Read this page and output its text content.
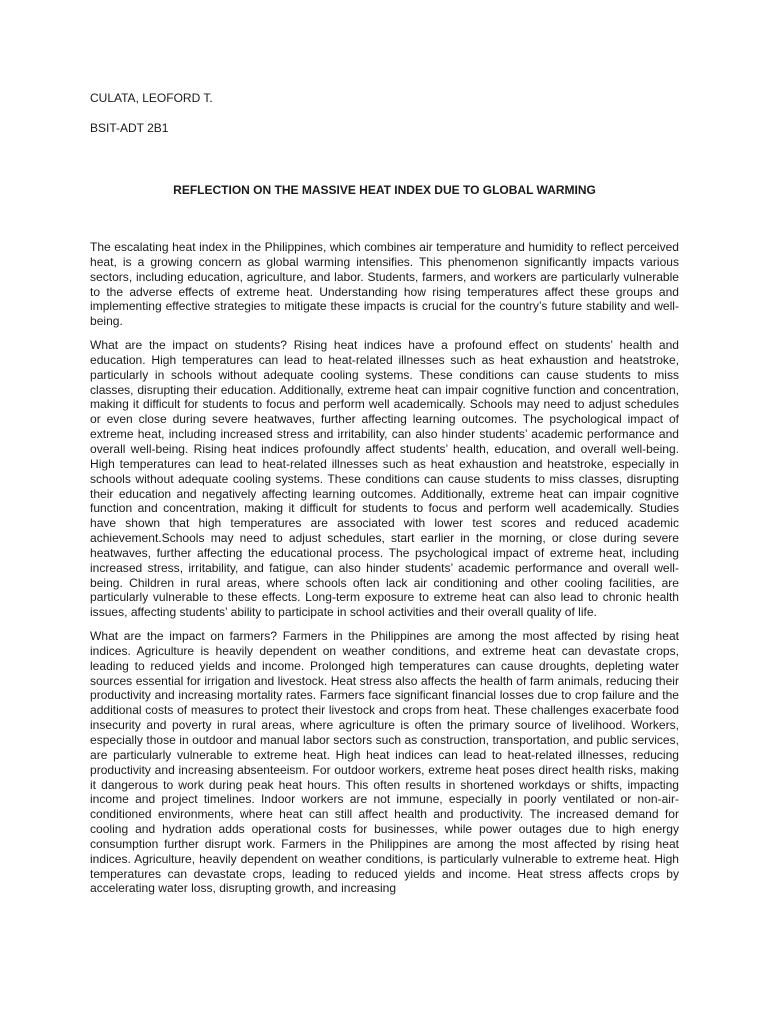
CULATA, LEOFORD T.

BSIT-ADT 2B1

REFLECTION ON THE MASSIVE HEAT INDEX DUE TO GLOBAL WARMING

The escalating heat index in the Philippines, which combines air temperature and humidity to reflect perceived heat, is a growing concern as global warming intensifies. This phenomenon significantly impacts various sectors, including education, agriculture, and labor. Students, farmers, and workers are particularly vulnerable to the adverse effects of extreme heat. Understanding how rising temperatures affect these groups and implementing effective strategies to mitigate these impacts is crucial for the country’s future stability and well-being.

What are the impact on students? Rising heat indices have a profound effect on students’ health and education. High temperatures can lead to heat-related illnesses such as heat exhaustion and heatstroke, particularly in schools without adequate cooling systems. These conditions can cause students to miss classes, disrupting their education. Additionally, extreme heat can impair cognitive function and concentration, making it difficult for students to focus and perform well academically. Schools may need to adjust schedules or even close during severe heatwaves, further affecting learning outcomes. The psychological impact of extreme heat, including increased stress and irritability, can also hinder students’ academic performance and overall well-being. Rising heat indices profoundly affect students’ health, education, and overall well-being. High temperatures can lead to heat-related illnesses such as heat exhaustion and heatstroke, especially in schools without adequate cooling systems. These conditions can cause students to miss classes, disrupting their education and negatively affecting learning outcomes. Additionally, extreme heat can impair cognitive function and concentration, making it difficult for students to focus and perform well academically. Studies have shown that high temperatures are associated with lower test scores and reduced academic achievement.Schools may need to adjust schedules, start earlier in the morning, or close during severe heatwaves, further affecting the educational process. The psychological impact of extreme heat, including increased stress, irritability, and fatigue, can also hinder students’ academic performance and overall well-being. Children in rural areas, where schools often lack air conditioning and other cooling facilities, are particularly vulnerable to these effects. Long-term exposure to extreme heat can also lead to chronic health issues, affecting students’ ability to participate in school activities and their overall quality of life.

What are the impact on farmers? Farmers in the Philippines are among the most affected by rising heat indices. Agriculture is heavily dependent on weather conditions, and extreme heat can devastate crops, leading to reduced yields and income. Prolonged high temperatures can cause droughts, depleting water sources essential for irrigation and livestock. Heat stress also affects the health of farm animals, reducing their productivity and increasing mortality rates. Farmers face significant financial losses due to crop failure and the additional costs of measures to protect their livestock and crops from heat. These challenges exacerbate food insecurity and poverty in rural areas, where agriculture is often the primary source of livelihood. Workers, especially those in outdoor and manual labor sectors such as construction, transportation, and public services, are particularly vulnerable to extreme heat. High heat indices can lead to heat-related illnesses, reducing productivity and increasing absenteeism. For outdoor workers, extreme heat poses direct health risks, making it dangerous to work during peak heat hours. This often results in shortened workdays or shifts, impacting income and project timelines. Indoor workers are not immune, especially in poorly ventilated or non-air-conditioned environments, where heat can still affect health and productivity. The increased demand for cooling and hydration adds operational costs for businesses, while power outages due to high energy consumption further disrupt work. Farmers in the Philippines are among the most affected by rising heat indices. Agriculture, heavily dependent on weather conditions, is particularly vulnerable to extreme heat. High temperatures can devastate crops, leading to reduced yields and income. Heat stress affects crops by accelerating water loss, disrupting growth, and increasing
